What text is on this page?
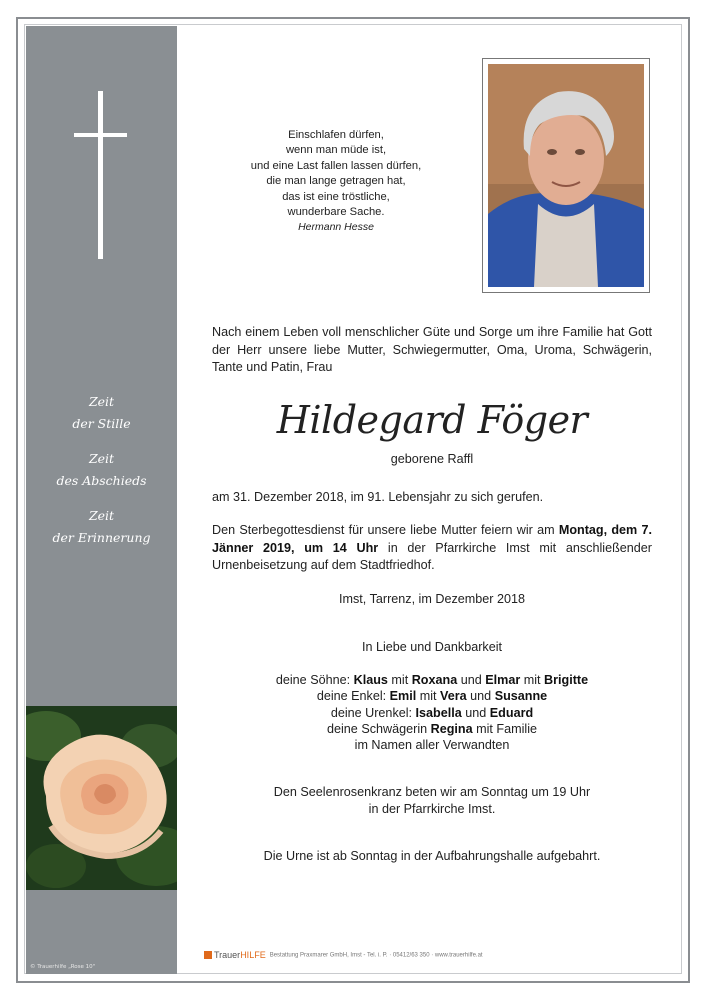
Zeit
der Stille
Zeit
des Abschieds
Zeit
der Erinnerung
© Trauerhilfe „Rose 10"
Einschlafen dürfen,
wenn man müde ist,
und eine Last fallen lassen dürfen,
die man lange getragen hat,
das ist eine tröstliche,
wunderbare Sache.
Hermann Hesse
Nach einem Leben voll menschlicher Güte und Sorge um ihre Familie hat Gott der Herr unsere liebe Mutter, Schwiegermutter, Oma, Uroma, Schwägerin, Tante und Patin, Frau
Hildegard Föger
geborene Raffl
am 31. Dezember 2018, im 91. Lebensjahr zu sich gerufen.
Den Sterbegottesdienst für unsere liebe Mutter feiern wir am Montag, dem 7. Jänner 2019, um 14 Uhr in der Pfarrkirche Imst mit anschließender Urnenbeisetzung auf dem Stadtfriedhof.
Imst, Tarrenz, im Dezember 2018
In Liebe und Dankbarkeit
deine Söhne: Klaus mit Roxana und Elmar mit Brigitte
deine Enkel: Emil mit Vera und Susanne
deine Urenkel: Isabella und Eduard
deine Schwägerin Regina mit Familie
im Namen aller Verwandten
Den Seelenrosenkranz beten wir am Sonntag um 19 Uhr
in der Pfarrkirche Imst.
Die Urne ist ab Sonntag in der Aufbahrungshalle aufgebahrt.
TrauerHILFE Bestattung Praxmarer GmbH, Imst - Tel. i. P. · 05412/63 350 · www.trauerhilfe.at
